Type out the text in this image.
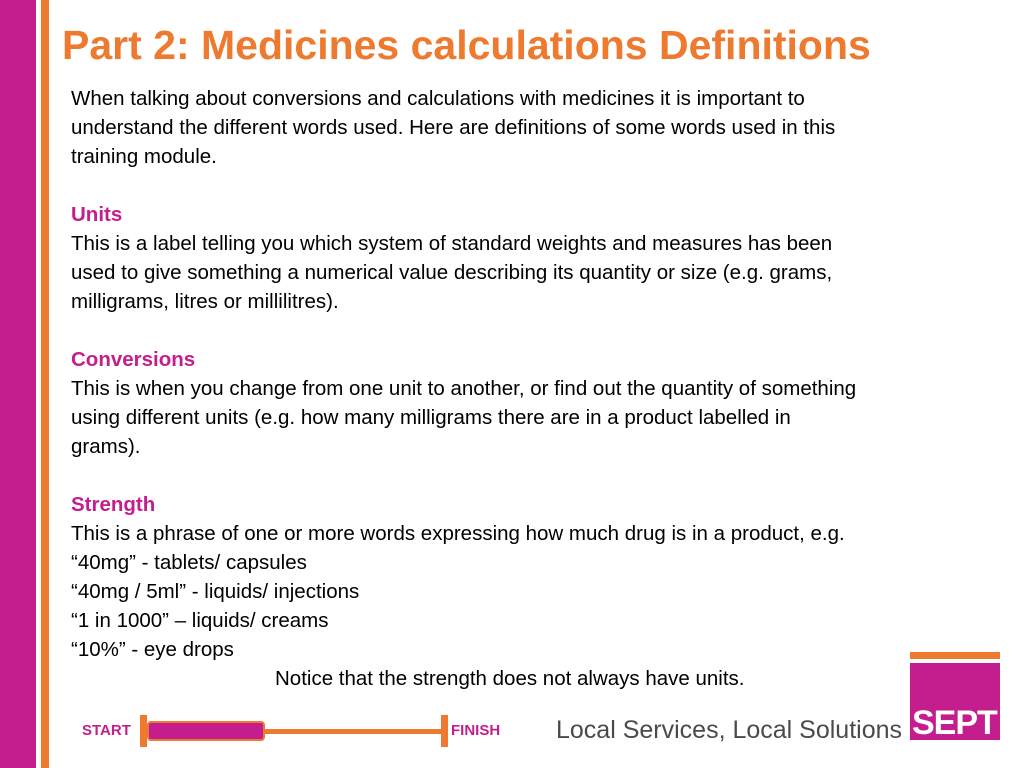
Part 2: Medicines calculations Definitions

When talking about conversions and calculations with medicines it is important to

understand the different words used. Here are definitions of some words used in this

training module.

Units

This is a label telling you which system of standard weights and measures has been

used to give something a numerical value describing its quantity or size (e.g. grams,

milligrams, litres or millilitres).

Conversions

This is when you change from one unit to another, or find out the quantity of something

using different units (e.g. how many milligrams there are in a product labelled in

grams).

Strength

This is a phrase of one or more words expressing how much drug is in a product, e.g.

“40mg” - tablets/ capsules

“40mg / 5ml” - liquids/ injections

“1 in 1000” – liquids/ creams

“10%” - eye drops

Notice that the strength does not always have units.

START	FINISH Local Services, Local Solutions SEPT
